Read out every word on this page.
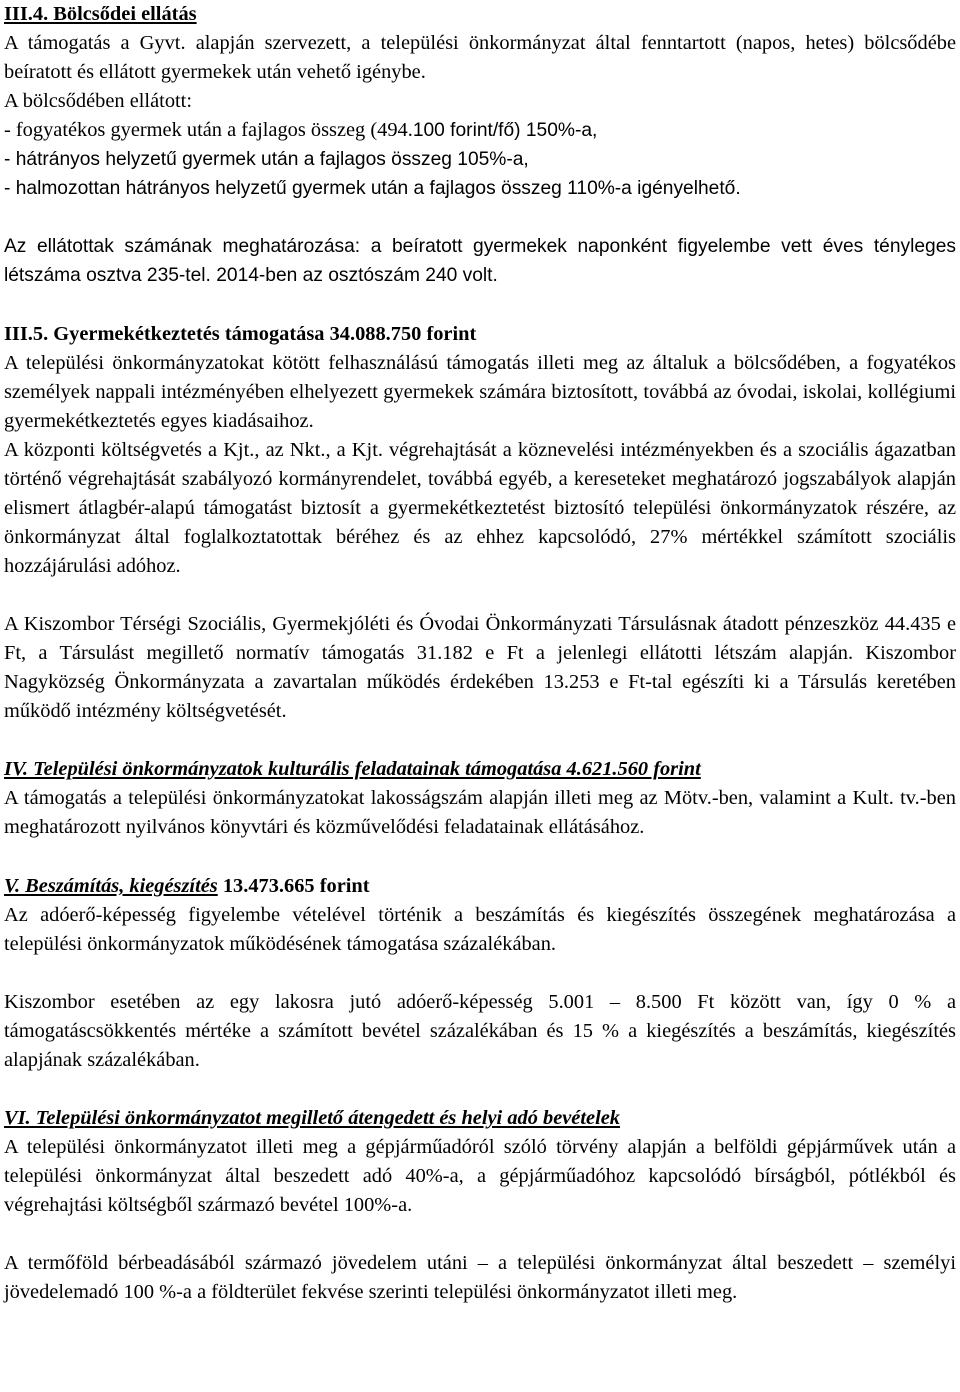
III.4. Bölcsődei ellátás

A támogatás a Gyvt. alapján szervezett, a települési önkormányzat által fenntartott (napos, hetes) bölcsődébe beíratott és ellátott gyermekek után vehető igénybe.

A bölcsődében ellátott:

- fogyatékos gyermek után a fajlagos összeg (494.100 forint/fő) 150%-a,

- hátrányos helyzetű gyermek után a fajlagos összeg 105%-a,

- halmozottan hátrányos helyzetű gyermek után a fajlagos összeg 110%-a igényelhető.

Az ellátottak számának meghatározása: a beíratott gyermekek naponként figyelembe vett éves tényleges létszáma osztva 235-tel. 2014-ben az osztószám 240 volt.

III.5. Gyermekétkeztetés támogatása 34.088.750 forint

A települési önkormányzatokat kötött felhasználású támogatás illeti meg az általuk a bölcsődében, a fogyatékos személyek nappali intézményében elhelyezett gyermekek számára biztosított, továbbá az óvodai, iskolai, kollégiumi gyermekétkeztetés egyes kiadásaihoz.

A központi költségvetés a Kjt., az Nkt., a Kjt. végrehajtását a köznevelési intézményekben és a szociális ágazatban történő végrehajtását szabályozó kormányrendelet, továbbá egyéb, a kereseteket meghatározó jogszabályok alapján elismert átlagbér-alapú támogatást biztosít a gyermekétkeztetést biztosító települési önkormányzatok részére, az önkormányzat által foglalkoztatottak béréhez és az ehhez kapcsolódó, 27% mértékkel számított szociális hozzájárulási adóhoz.

A Kiszombor Térségi Szociális, Gyermekjóléti és Óvodai Önkormányzati Társulásnak átadott pénzeszköz 44.435 e Ft, a Társulást megillető normatív támogatás 31.182 e Ft a jelenlegi ellátotti létszám alapján. Kiszombor Nagyközség Önkormányzata a zavartalan működés érdekében 13.253 e Ft-tal egészíti ki a Társulás keretében működő intézmény költségvetését.

IV. Települési önkormányzatok kulturális feladatainak támogatása 4.621.560 forint

A támogatás a települési önkormányzatokat lakosságszám alapján illeti meg az Mötv.-ben, valamint a Kult. tv.-ben meghatározott nyilvános könyvtári és közművelődési feladatainak ellátásához.

V. Beszámítás, kiegészítés 13.473.665 forint

Az adóerő-képesség figyelembe vételével történik a beszámítás és kiegészítés összegének meghatározása a települési önkormányzatok működésének támogatása százalékában.

Kiszombor esetében az egy lakosra jutó adóerő-képesség 5.001 – 8.500 Ft között van, így 0 % a támogatáscsökkentés mértéke a számított bevétel százalékában és 15 % a kiegészítés a beszámítás, kiegészítés alapjának százalékában.

VI. Települési önkormányzatot megillető átengedett és helyi adó bevételek

A települési önkormányzatot illeti meg a gépjárműadóról szóló törvény alapján a belföldi gépjárművek után a települési önkormányzat által beszedett adó 40%-a, a gépjárműadóhoz kapcsolódó bírságból, pótlékból és végrehajtási költségből származó bevétel 100%-a.

A termőföld bérbeadásából származó jövedelem utáni – a települési önkormányzat által beszedett – személyi jövedelemadó 100 %-a a földterület fekvése szerinti települési önkormányzatot illeti meg.
